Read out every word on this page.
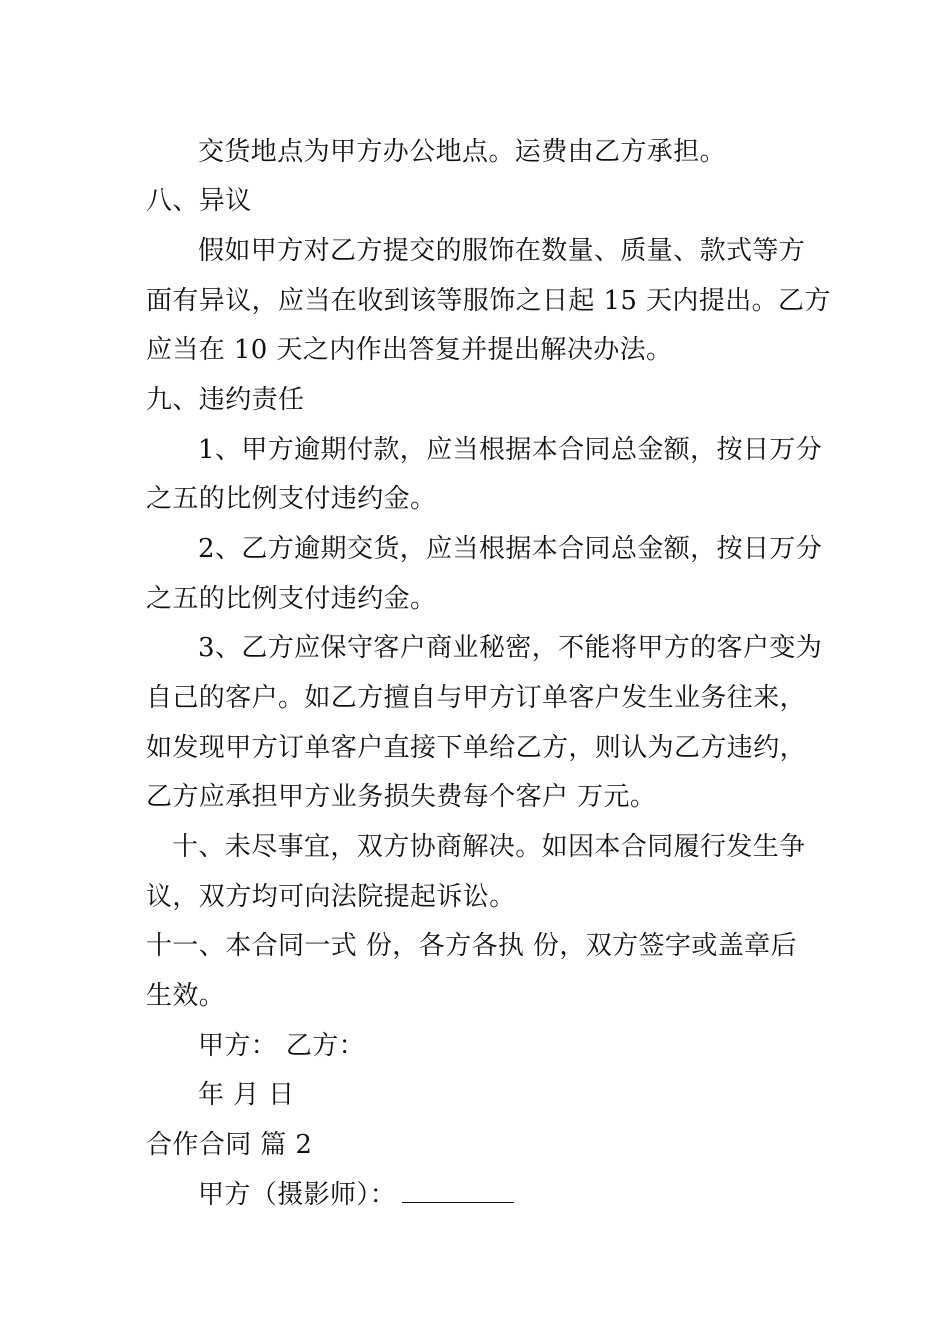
交货地点为甲方办公地点。运费由乙方承担。
八、异议
假如甲方对乙方提交的服饰在数量、质量、款式等方
面有异议，应当在收到该等服饰之日起 15 天内提出。乙方
应当在 10 天之内作出答复并提出解决办法。
九、违约责任
1、甲方逾期付款，应当根据本合同总金额，按日万分
之五的比例支付违约金。
2、乙方逾期交货，应当根据本合同总金额，按日万分
之五的比例支付违约金。
3、乙方应保守客户商业秘密，不能将甲方的客户变为
自己的客户。如乙方擅自与甲方订单客户发生业务往来，
如发现甲方订单客户直接下单给乙方，则认为乙方违约，
乙方应承担甲方业务损失费每个客户 万元。
十、未尽事宜，双方协商解决。如因本合同履行发生争
议，双方均可向法院提起诉讼。
十一、本合同一式 份，各方各执 份，双方签字或盖章后
生效。
甲方： 乙方：
年 月 日
合作合同 篇 2
甲方（摄影师）：
